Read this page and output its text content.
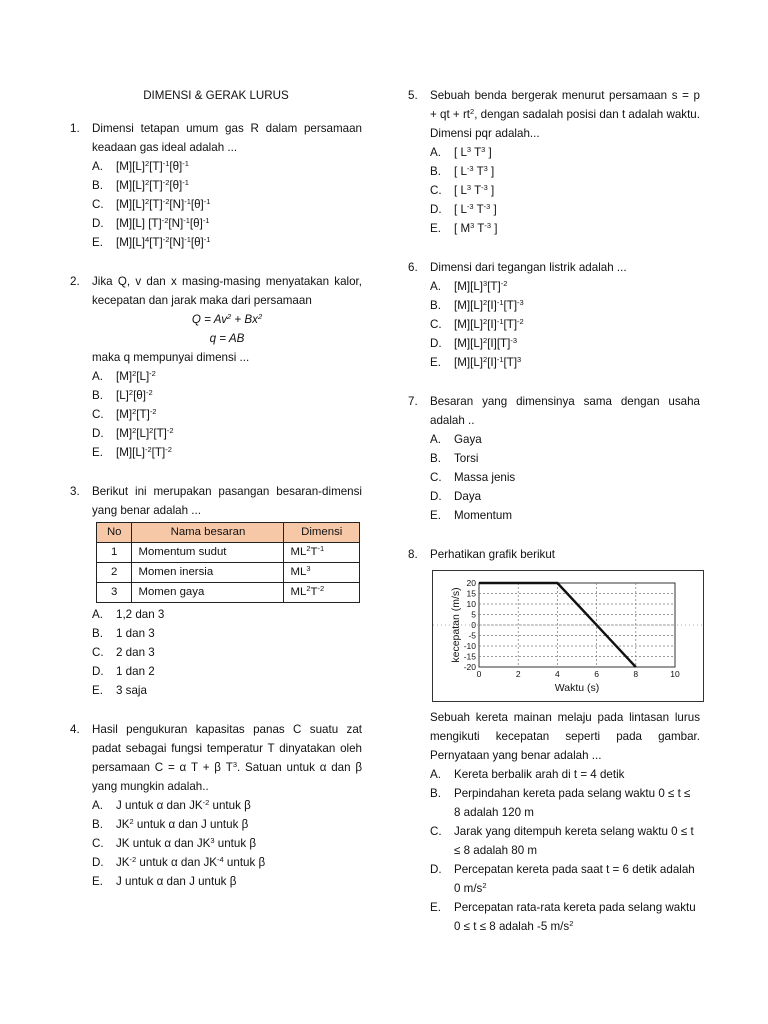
DIMENSI & GERAK LURUS
1. Dimensi tetapan umum gas R dalam persamaan keadaan gas ideal adalah ...
A. $[M][L]^2[T]^{-1}[\theta]^{-1}$
B. $[M][L]^2[T]^{-2}[\theta]^{-1}$
C. $[M][L]^2[T]^{-2}[N]^{-1}[\theta]^{-1}$
D. [M][L] $[T]^{-2}[N]^{-1}[\theta]^{-1}$
E. $[M][L]^4[T]^{-2}[N]^{-1}[\theta]^{-1}$
2. Jika Q, v dan x masing-masing menyatakan kalor, kecepatan dan jarak maka dari persamaan
$Q = Av^2 + Bx^2$
q = AB
maka q mempunyai dimensi ...
A. $[M]^2[L]^{-2}$
B. $[L]^2[\theta]^{-2}$
C. $[M]^2[T]^{-2}$
D. $[M]^2[L]^2[T]^{-2}$
E. $[M][L]^{-2}[T]^{-2}$
3. Berikut ini merupakan pasangan besaran-dimensi yang benar adalah ...
No	Nama besaran	Dimensi
1	Momentum sudut	$ML^2T^{-1}$
2	Momen inersia	$ML^3$
3	Momen gaya	$ML^2T^{-2}$
A. 1,2 dan 3
B. 1 dan 3
C. 2 dan 3
D. 1 dan 2
E. 3 saja
4. Hasil pengukuran kapasitas panas C suatu zat padat sebagai fungsi temperatur T dinyatakan oleh persamaan C = α T + β $T^3$. Satuan untuk α dan β yang mungkin adalah..
A. J untuk α dan $JK^{-2}$ untuk β
B. $JK^2$ untuk α dan J untuk β
C. JK untuk α dan $JK^3$ untuk β
D. $JK^{-2}$ untuk α dan $JK^{-4}$ untuk β
E. J untuk α dan J untuk β
5. Sebuah benda bergerak menurut persamaan s = p + qt + $rt^2$, dengan sadalah posisi dan t adalah waktu. Dimensi pqr adalah...
A. [ $L^3$ $T^3$ ]
B. [ $L^{-3}$ $T^3$ ]
C. [ $L^3$ $T^{-3}$ ]
D. [ $L^{-3}$ $T^{-3}$ ]
E. [ $M^3$ $T^{-3}$ ]
6. Dimensi dari tegangan listrik adalah ...
A. $[M][L]^3[T]^{-2}$
B. $[M][L]^2[I]^{-1}[T]^{-3}$
C. $[M][L]^2[I]^{-1}[T]^{-2}$
D. $[M][L]^2[I][T]^{-3}$
E. $[M][L]^2[I]^{-1}[T]^3$
7. Besaran yang dimensinya sama dengan usaha adalah ..
A. Gaya
B. Torsi
C. Massa jenis
D. Daya
E. Momentum
8. Perhatikan grafik berikut
20
15
10
5
0
-5
-10
-15
-20
0	2	4	6	8	10
Waktu (s)
kecepatan (m/s)
Sebuah kereta mainan melaju pada lintasan lurus mengikuti kecepatan seperti pada gambar. Pernyataan yang benar adalah ...
A. Kereta berbalik arah di t = 4 detik
B. Perpindahan kereta pada selang waktu 0 ≤ t ≤ 8 adalah 120 m
C. Jarak yang ditempuh kereta selang waktu 0 ≤ t ≤ 8 adalah 80 m
D. Percepatan kereta pada saat t = 6 detik adalah 0 $m/s^2$
E. Percepatan rata-rata kereta pada selang waktu 0 ≤ t ≤ 8 adalah -5 $m/s^2$
